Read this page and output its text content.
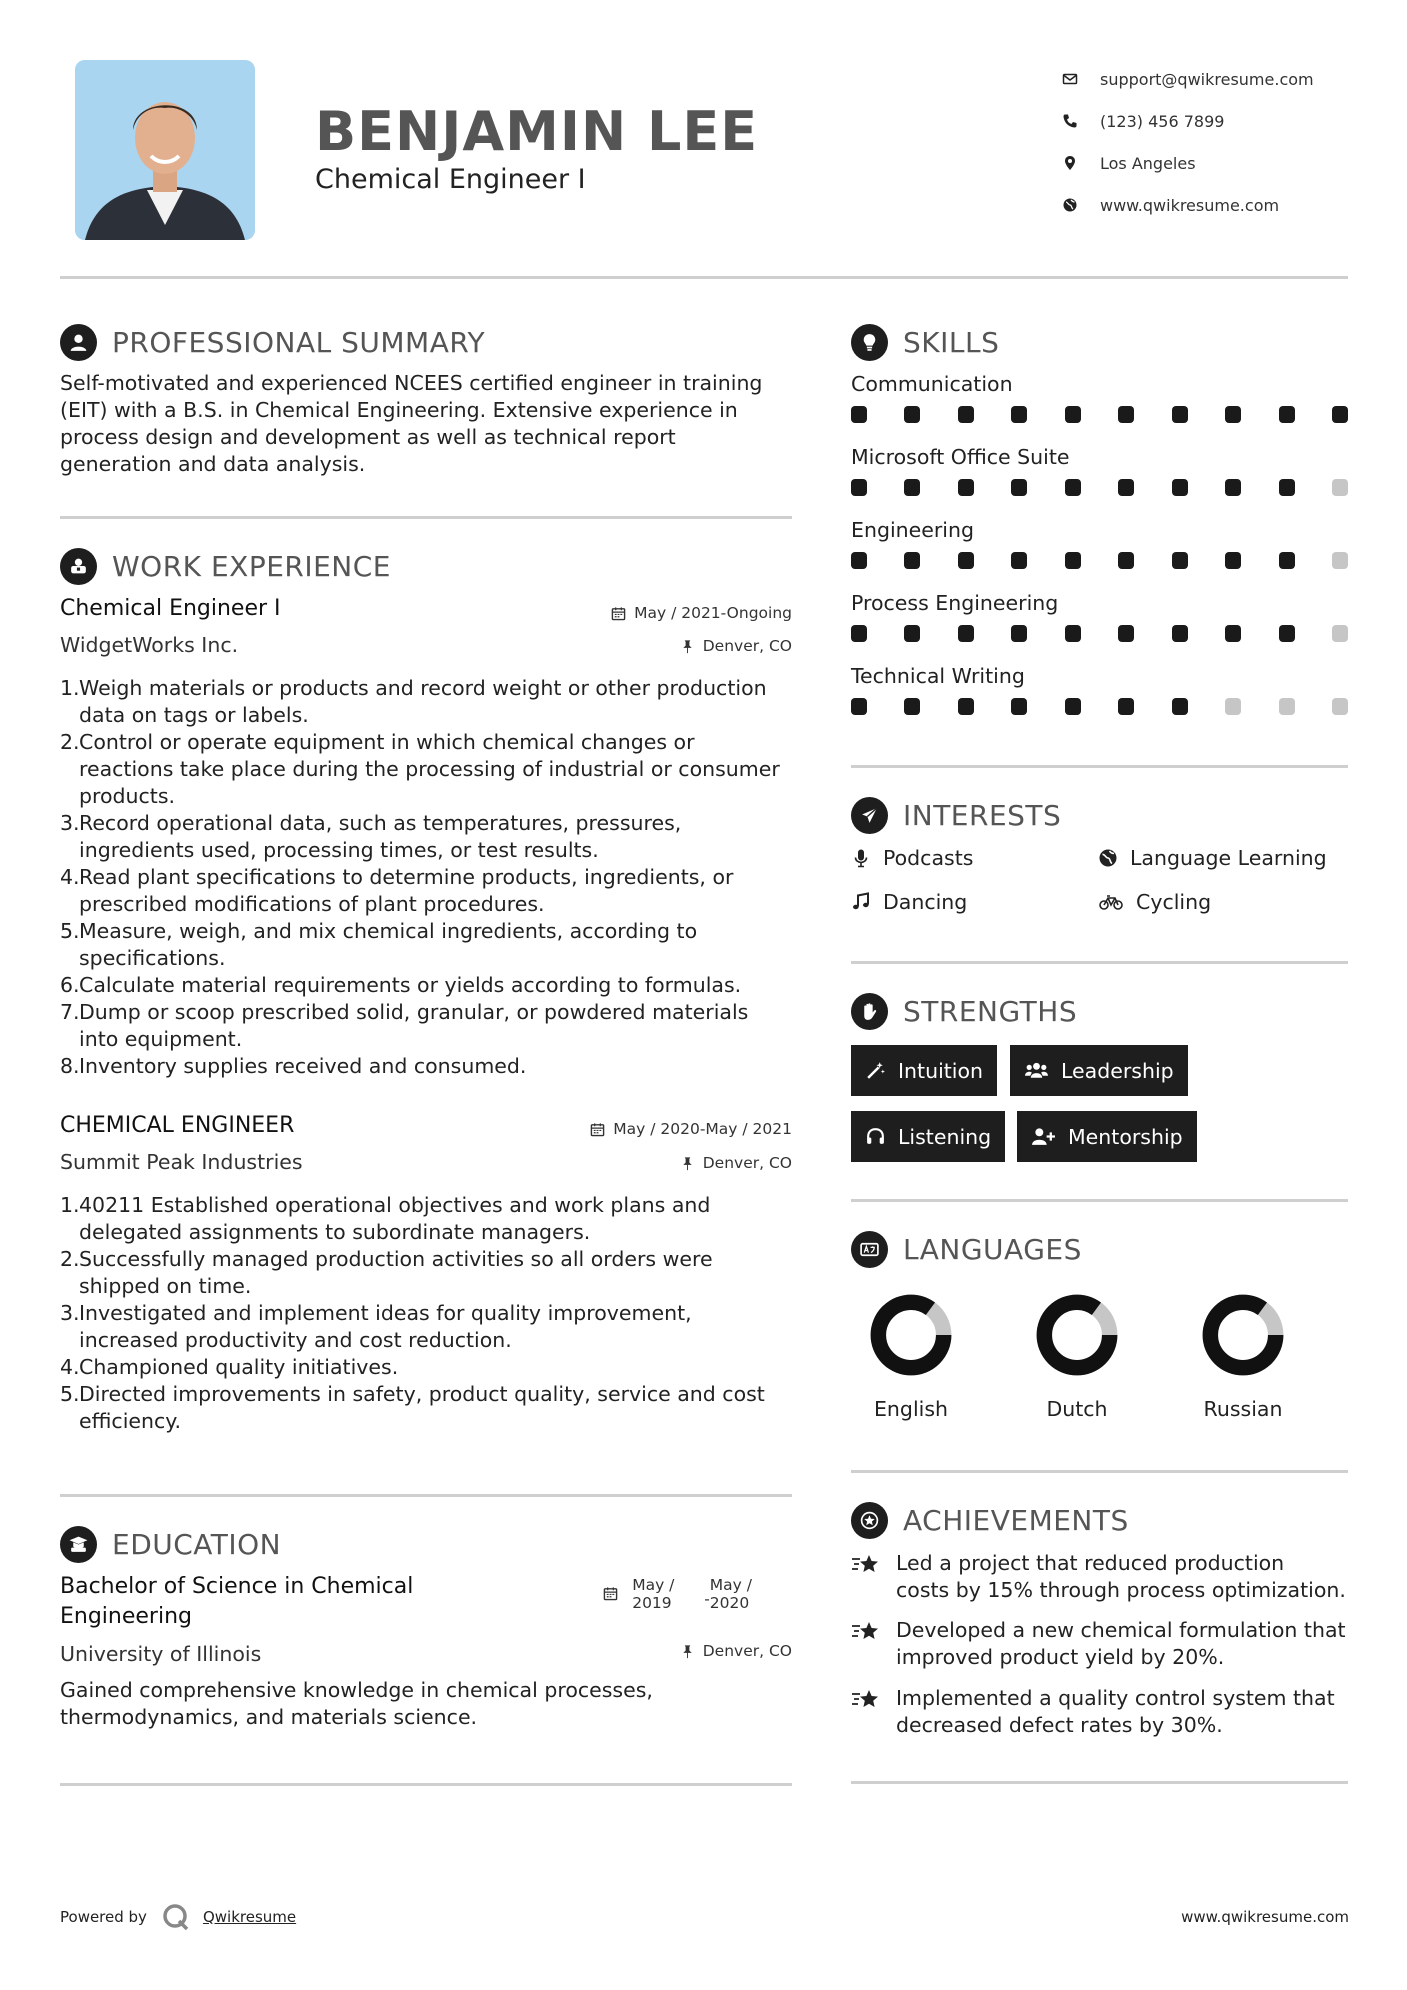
BENJAMIN LEE
Chemical Engineer I
support@qwikresume.com
(123) 456 7899
Los Angeles
www.qwikresume.com
PROFESSIONAL SUMMARY
Self-motivated and experienced NCEES certified engineer in training
(EIT) with a B.S. in Chemical Engineering. Extensive experience in
process design and development as well as technical report
generation and data analysis.
WORK EXPERIENCE
Chemical Engineer I	May / 2021-Ongoing
WidgetWorks Inc.	Denver, CO
1. Weigh materials or products and record weight or other production
data on tags or labels.
2. Control or operate equipment in which chemical changes or
reactions take place during the processing of industrial or consumer
products.
3. Record operational data, such as temperatures, pressures,
ingredients used, processing times, or test results.
4. Read plant specifications to determine products, ingredients, or
prescribed modifications of plant procedures.
5. Measure, weigh, and mix chemical ingredients, according to
specifications.
6. Calculate material requirements or yields according to formulas.
7. Dump or scoop prescribed solid, granular, or powdered materials
into equipment.
8. Inventory supplies received and consumed.
CHEMICAL ENGINEER	May / 2020-May / 2021
Summit Peak Industries	Denver, CO
1. 40211 Established operational objectives and work plans and
delegated assignments to subordinate managers.
2. Successfully managed production activities so all orders were
shipped on time.
3. Investigated and implement ideas for quality improvement,
increased productivity and cost reduction.
4. Championed quality initiatives.
5. Directed improvements in safety, product quality, service and cost
efficiency.
EDUCATION
Bachelor of Science in Chemical
Engineering
May /
2019	-
May /
2020
University of Illinois	Denver, CO
Gained comprehensive knowledge in chemical processes,
thermodynamics, and materials science.
SKILLS
Communication
Microsoft Office Suite
Engineering
Process Engineering
Technical Writing
INTERESTS
Podcasts	Language Learning
Dancing	Cycling
STRENGTHS
Intuition	Leadership
Listening	Mentorship
LANGUAGES
English	Dutch	Russian
ACHIEVEMENTS
Led a project that reduced production
costs by 15% through process optimization.
Developed a new chemical formulation that
improved product yield by 20%.
Implemented a quality control system that
decreased defect rates by 30%.
Powered by	Qwikresume	www.qwikresume.com
